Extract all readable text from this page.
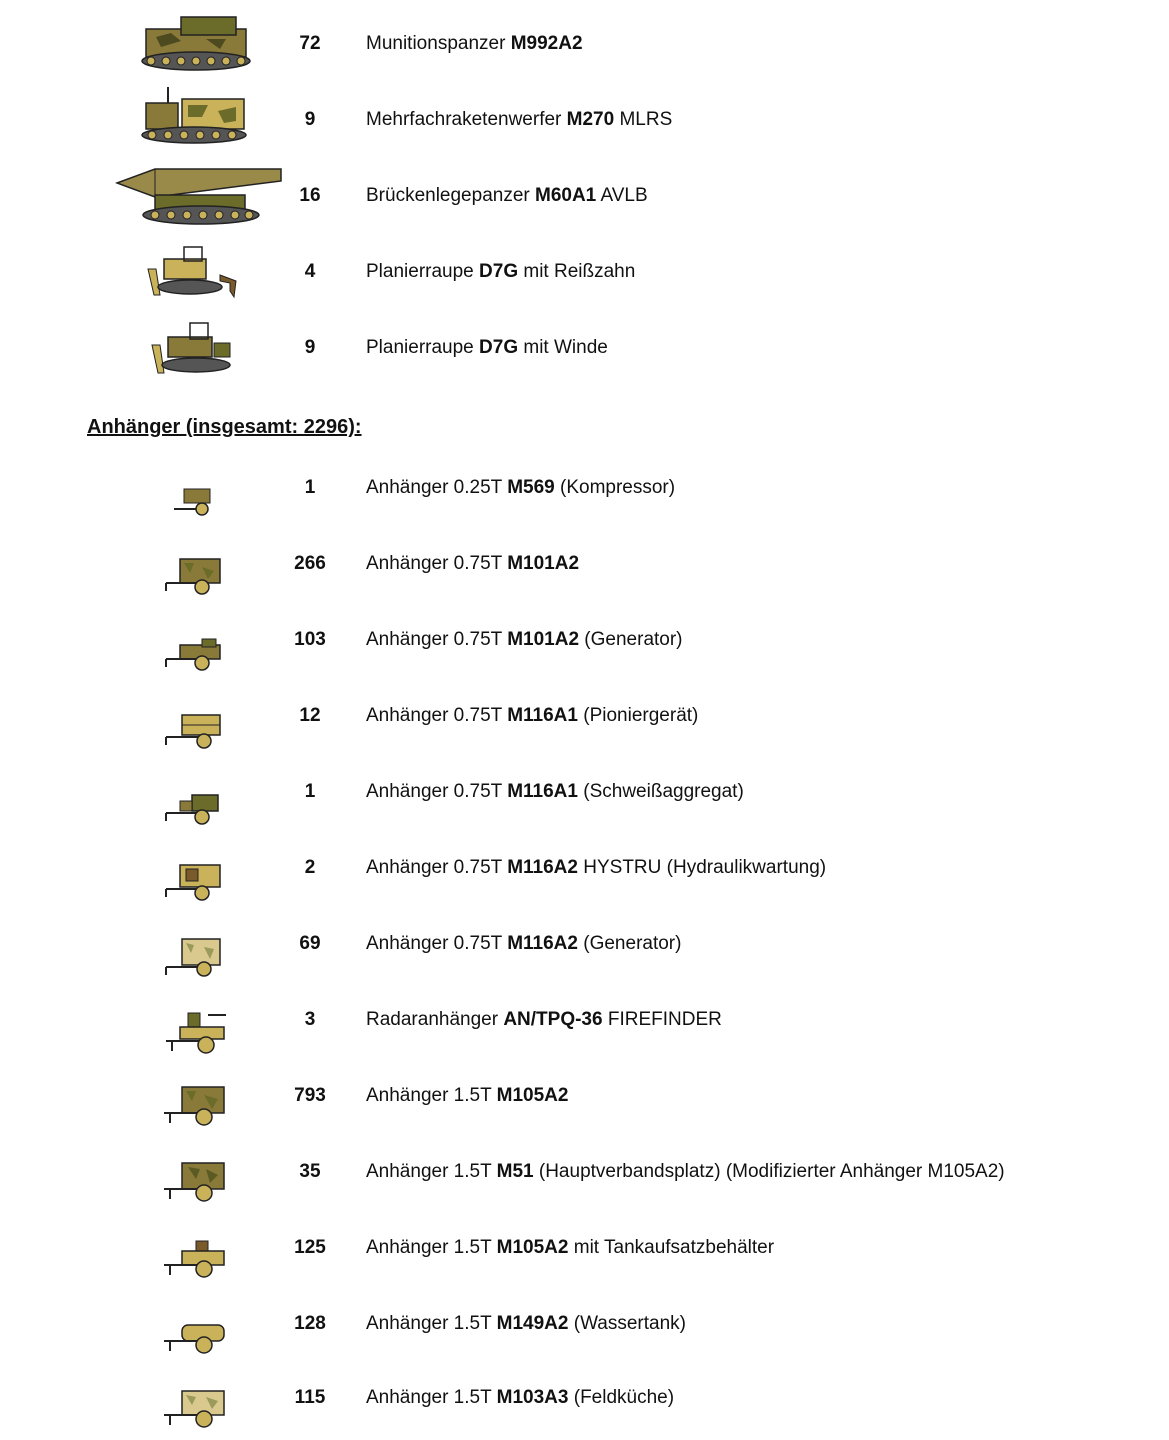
72	Munitionspanzer M992A2
9	Mehrfachraketenwerfer M270 MLRS
16	Brückenlegepanzer M60A1 AVLB
4	Planierraupe D7G mit Reißzahn
9	Planierraupe D7G mit Winde
Anhänger (insgesamt: 2296):
1	Anhänger 0.25T M569 (Kompressor)
266	Anhänger 0.75T M101A2
103	Anhänger 0.75T M101A2 (Generator)
12	Anhänger 0.75T M116A1 (Pioniergerät)
1	Anhänger 0.75T M116A1 (Schweißaggregat)
2	Anhänger 0.75T M116A2 HYSTRU (Hydraulikwartung)
69	Anhänger 0.75T M116A2 (Generator)
3	Radaranhänger AN/TPQ-36 FIREFINDER
793	Anhänger 1.5T M105A2
35	Anhänger 1.5T M51 (Hauptverbandsplatz) (Modifizierter Anhänger M105A2)
125	Anhänger 1.5T M105A2 mit Tankaufsatzbehälter
128	Anhänger 1.5T M149A2 (Wassertank)
115	Anhänger 1.5T M103A3 (Feldküche)
